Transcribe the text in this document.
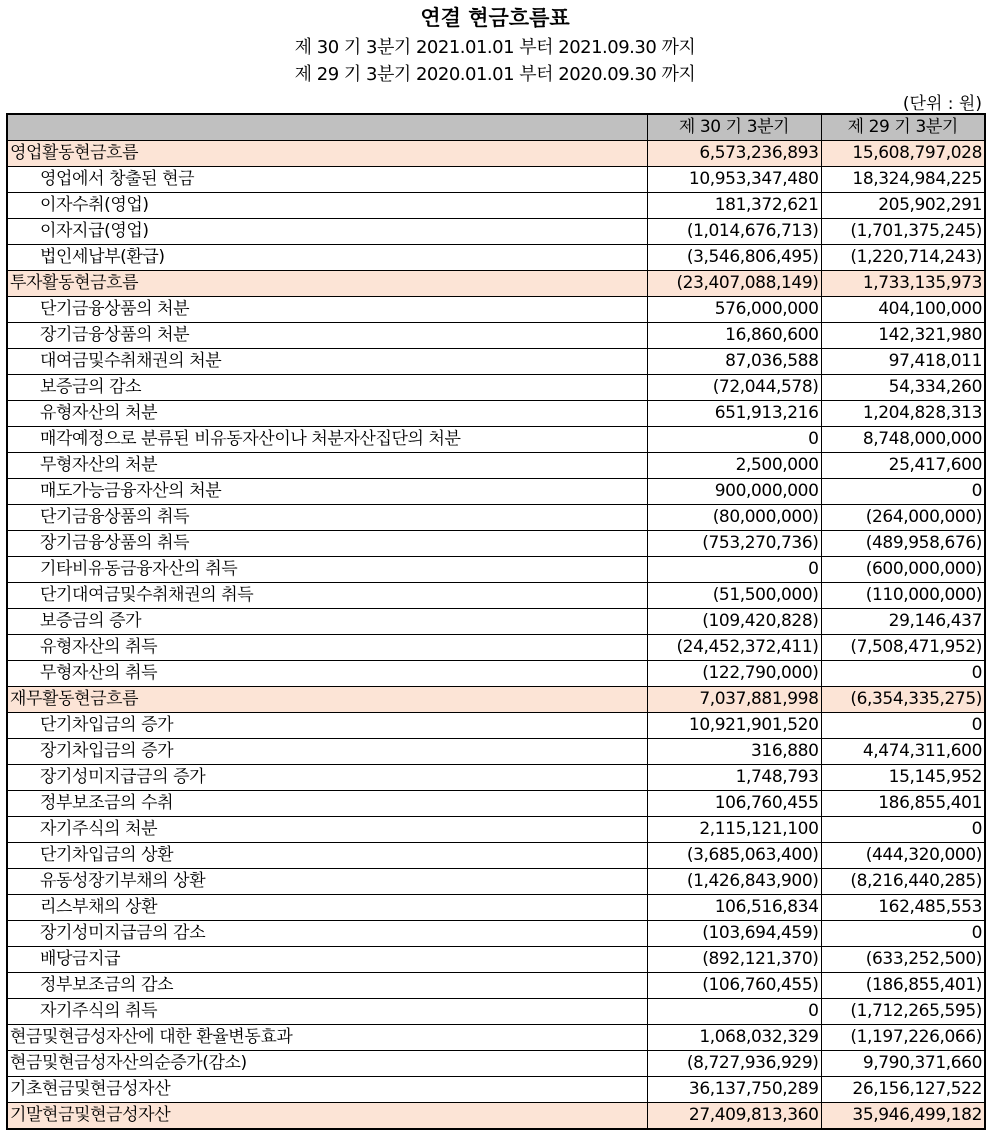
연결 현금흐름표
제 30 기 3분기 2021.01.01 부터 2021.09.30 까지
제 29 기 3분기 2020.01.01 부터 2020.09.30 까지
(단위 : 원)
	제 30 기 3분기	제 29 기 3분기
영업활동현금흐름	6,573,236,893	15,608,797,028
영업에서 창출된 현금	10,953,347,480	18,324,984,225
이자수취(영업)	181,372,621	205,902,291
이자지급(영업)	(1,014,676,713)	(1,701,375,245)
법인세납부(환급)	(3,546,806,495)	(1,220,714,243)
투자활동현금흐름	(23,407,088,149)	1,733,135,973
단기금융상품의 처분	576,000,000	404,100,000
장기금융상품의 처분	16,860,600	142,321,980
대여금및수취채권의 처분	87,036,588	97,418,011
보증금의 감소	(72,044,578)	54,334,260
유형자산의 처분	651,913,216	1,204,828,313
매각예정으로 분류된 비유동자산이나 처분자산집단의 처분	0	8,748,000,000
무형자산의 처분	2,500,000	25,417,600
매도가능금융자산의 처분	900,000,000	0
단기금융상품의 취득	(80,000,000)	(264,000,000)
장기금융상품의 취득	(753,270,736)	(489,958,676)
기타비유동금융자산의 취득	0	(600,000,000)
단기대여금및수취채권의 취득	(51,500,000)	(110,000,000)
보증금의 증가	(109,420,828)	29,146,437
유형자산의 취득	(24,452,372,411)	(7,508,471,952)
무형자산의 취득	(122,790,000)	0
재무활동현금흐름	7,037,881,998	(6,354,335,275)
단기차입금의 증가	10,921,901,520	0
장기차입금의 증가	316,880	4,474,311,600
장기성미지급금의 증가	1,748,793	15,145,952
정부보조금의 수취	106,760,455	186,855,401
자기주식의 처분	2,115,121,100	0
단기차입금의 상환	(3,685,063,400)	(444,320,000)
유동성장기부채의 상환	(1,426,843,900)	(8,216,440,285)
리스부채의 상환	106,516,834	162,485,553
장기성미지급금의 감소	(103,694,459)	0
배당금지급	(892,121,370)	(633,252,500)
정부보조금의 감소	(106,760,455)	(186,855,401)
자기주식의 취득	0	(1,712,265,595)
현금및현금성자산에 대한 환율변동효과	1,068,032,329	(1,197,226,066)
현금및현금성자산의순증가(감소)	(8,727,936,929)	9,790,371,660
기초현금및현금성자산	36,137,750,289	26,156,127,522
기말현금및현금성자산	27,409,813,360	35,946,499,182
